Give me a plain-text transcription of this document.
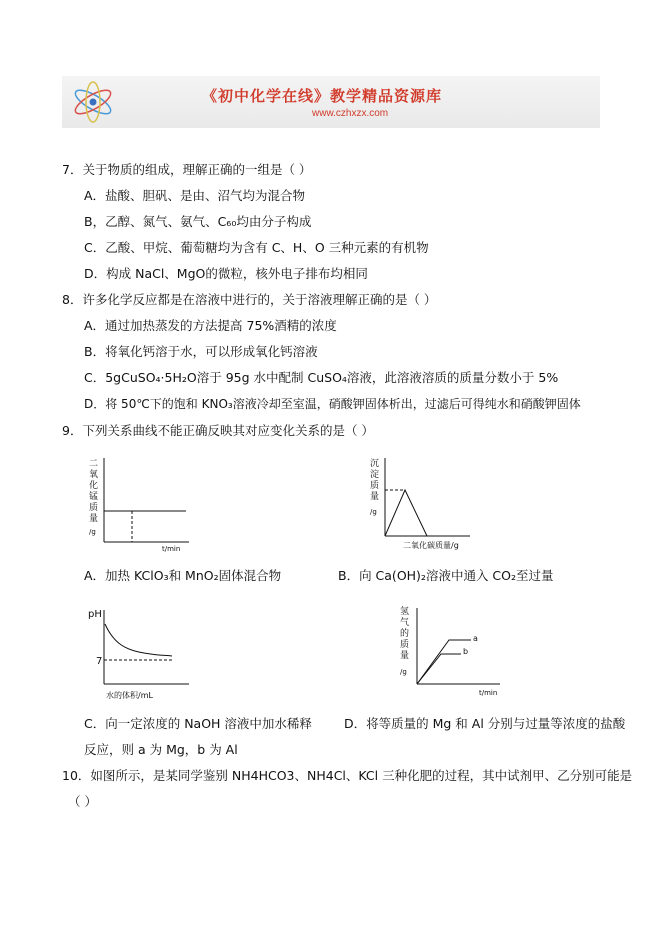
《初中化学在线》教学精品资源库
www.czhxzx.com
7．关于物质的组成，理解正确的一组是（ ）
A．盐酸、胆矾、是由、沼气均为混合物
B，乙醇、氮气、氨气、C₆₀均由分子构成
C．乙酸、甲烷、葡萄糖均为含有 C、H、O 三种元素的有机物
D．构成 NaCl、MgO的微粒，核外电子排布均相同
8．许多化学反应都是在溶液中进行的，关于溶液理解正确的是（ ）
A．通过加热蒸发的方法提高 75%酒精的浓度
B．将氧化钙溶于水，可以形成氧化钙溶液
C．5gCuSO₄·5H₂O溶于 95g 水中配制 CuSO₄溶液，此溶液溶质的质量分数小于 5%
D．将 50℃下的饱和 KNO₃溶液冷却至室温，硝酸钾固体析出，过滤后可得纯水和硝酸钾固体
9．下列关系曲线不能正确反映其对应变化关系的是（ ）
二
氧
化
锰
质
量
/g
t/min
沉
淀
质
量
/g
二氧化碳质量/g
A．加热 KClO₃和 MnO₂固体混合物	B．向 Ca(OH)₂溶液中通入 CO₂至过量
pH
7
水的体积/mL
氢
气
的
质
量
/g
t/min
a
b
C．向一定浓度的 NaOH 溶液中加水稀释	D．将等质量的 Mg 和 Al 分别与过量等浓度的盐酸
反应，则 a 为 Mg，b 为 Al
10．如图所示，是某同学鉴别 NH4HCO3、NH4Cl、KCl 三种化肥的过程，其中试剂甲、乙分别可能是
（ ）
